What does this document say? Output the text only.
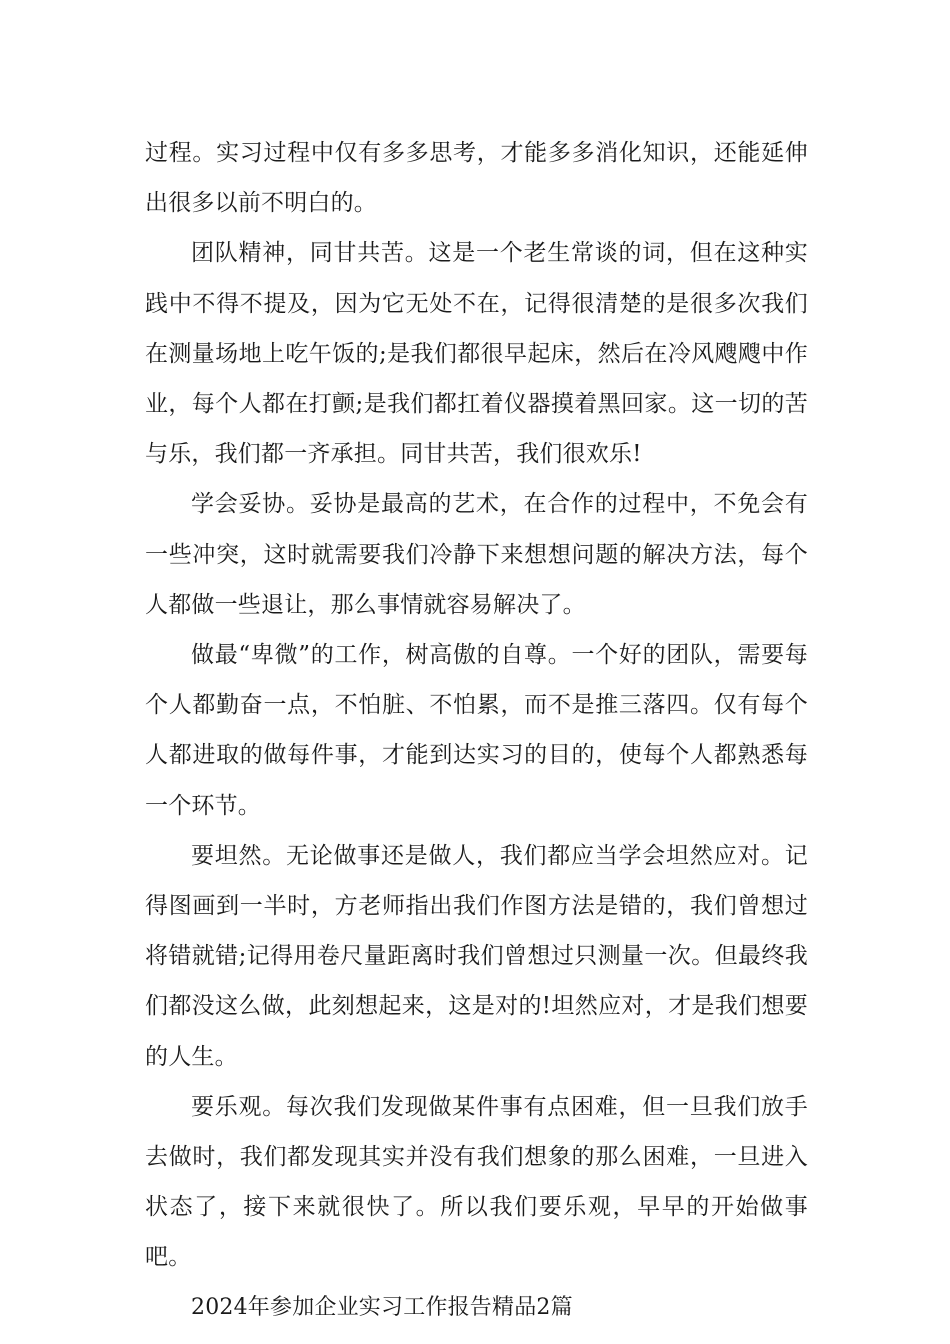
过程。实习过程中仅有多多思考，才能多多消化知识，还能延伸出很多以前不明白的。

团队精神，同甘共苦。这是一个老生常谈的词，但在这种实践中不得不提及，因为它无处不在，记得很清楚的是很多次我们在测量场地上吃午饭的;是我们都很早起床，然后在冷风飕飕中作业，每个人都在打颤;是我们都扛着仪器摸着黑回家。这一切的苦与乐，我们都一齐承担。同甘共苦，我们很欢乐!

学会妥协。妥协是最高的艺术，在合作的过程中，不免会有一些冲突，这时就需要我们冷静下来想想问题的解决方法，每个人都做一些退让，那么事情就容易解决了。

做最“卑微”的工作，树高傲的自尊。一个好的团队，需要每个人都勤奋一点，不怕脏、不怕累，而不是推三落四。仅有每个人都进取的做每件事，才能到达实习的目的，使每个人都熟悉每一个环节。

要坦然。无论做事还是做人，我们都应当学会坦然应对。记得图画到一半时，方老师指出我们作图方法是错的，我们曾想过将错就错;记得用卷尺量距离时我们曾想过只测量一次。但最终我们都没这么做，此刻想起来，这是对的!坦然应对，才是我们想要的人生。

要乐观。每次我们发现做某件事有点困难，但一旦我们放手去做时，我们都发现其实并没有我们想象的那么困难，一旦进入状态了，接下来就很快了。所以我们要乐观，早早的开始做事吧。

2024年参加企业实习工作报告精品2篇
